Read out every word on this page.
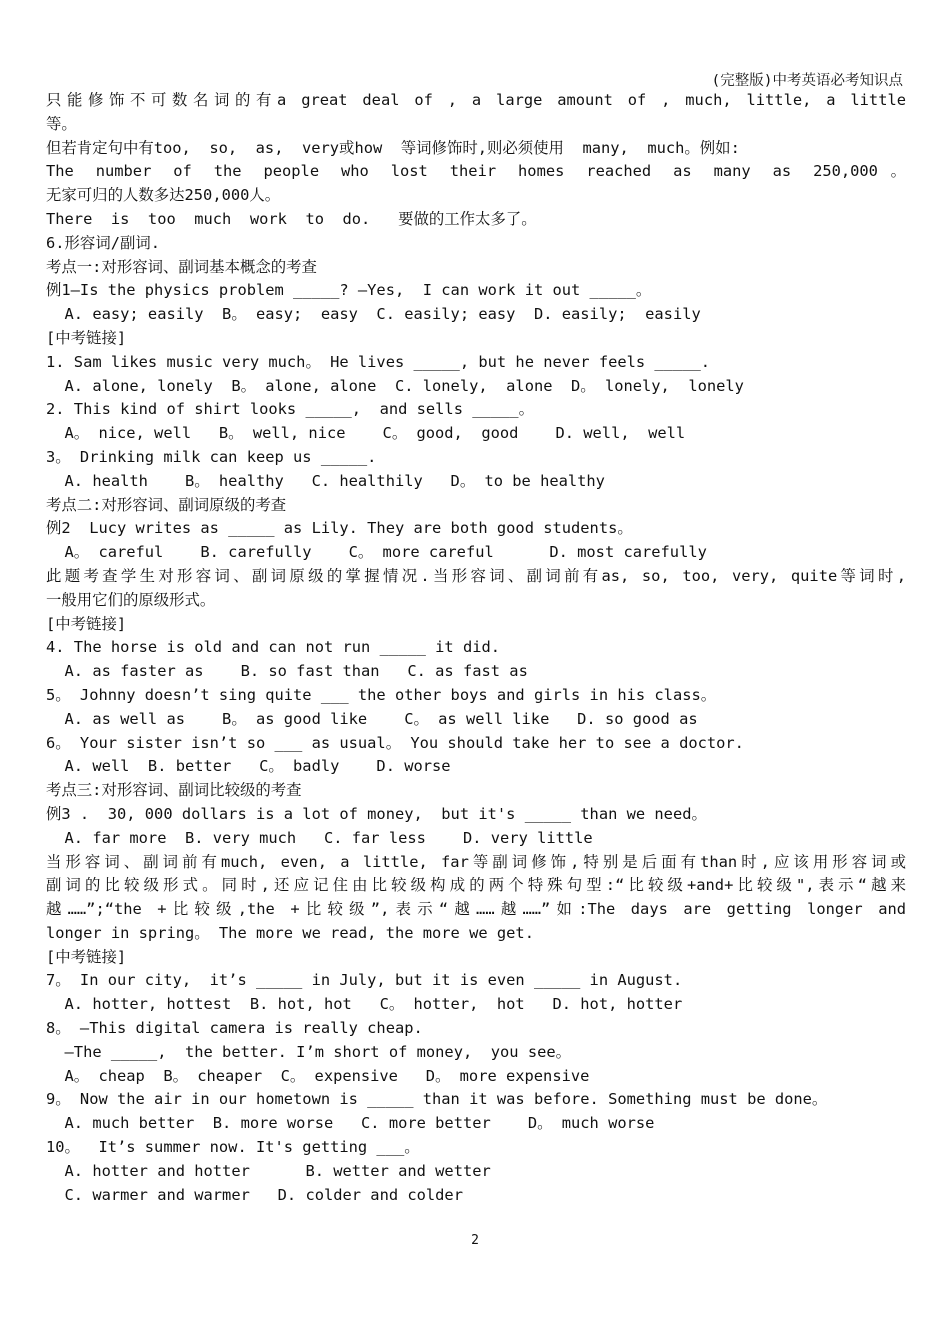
(完整版)中考英语必考知识点
只能修饰不可数名词的有a great deal of , a large amount of , much, little, a little
等。
但若肯定句中有too,  so,  as,  very或how  等词修饰时,则必须使用  many,  much。例如:
The number of the people who lost their homes reached as many as 250,000。
无家可归的人数多达250,000人。
There  is  too  much  work  to  do.   要做的工作太多了。
6.形容词/副词.
考点一:对形容词、副词基本概念的考查
例1—Is the physics problem _____? —Yes,  I can work it out _____。
A. easy; easily  B。 easy;  easy  C. easily; easy  D. easily;  easily
[中考链接]
1. Sam likes music very much。 He lives _____, but he never feels _____.
A. alone, lonely  B。 alone, alone  C. lonely,  alone  D。 lonely,  lonely
2. This kind of shirt looks _____,  and sells _____。
A。 nice, well   B。 well, nice    C。 good,  good    D. well,  well
3。 Drinking milk can keep us _____.
A. health    B。 healthy   C. healthily   D。 to be healthy
考点二:对形容词、副词原级的考查
例2  Lucy writes as _____ as Lily. They are both good students。
A。 careful    B. carefully    C。 more careful      D. most carefully
此题考查学生对形容词、副词原级的掌握情况.当形容词、副词前有as, so, too, very, quite等词时,
一般用它们的原级形式。
[中考链接]
4. The horse is old and can not run _____ it did.
A. as faster as    B. so fast than   C. as fast as
5。 Johnny doesn’t sing quite ___ the other boys and girls in his class。
A. as well as    B。 as good like    C。 as well like   D. so good as
6。 Your sister isn’t so ___ as usual。 You should take her to see a doctor.
A. well  B. better   C。 badly    D. worse
考点三:对形容词、副词比较级的考查
例3 .  30, 000 dollars is a lot of money,  but it's _____ than we need。
A. far more  B. very much   C. far less    D. very little
当形容词、副词前有much, even, a little, far等副词修饰,特别是后面有than时,应该用形容词或
副词的比较级形式。同时,还应记住由比较级构成的两个特殊句型:“比较级+and+比较级",表示“越来
越……”;“the +比较级,the +比较级”,表示“越……越……”如:The days are getting longer and
longer in spring。 The more we read, the more we get.
[中考链接]
7。 In our city,  it’s _____ in July, but it is even _____ in August.
A. hotter, hottest  B. hot, hot   C。 hotter,  hot   D. hot, hotter
8。 —This digital camera is really cheap.
—The _____,  the better. I’m short of money,  you see。
A。 cheap  B。 cheaper  C。 expensive   D。 more expensive
9。 Now the air in our hometown is _____ than it was before. Something must be done。
A. much better  B. more worse   C. more better    D。 much worse
10。  It’s summer now. It's getting ___。
A. hotter and hotter      B. wetter and wetter
C. warmer and warmer   D. colder and colder
2
